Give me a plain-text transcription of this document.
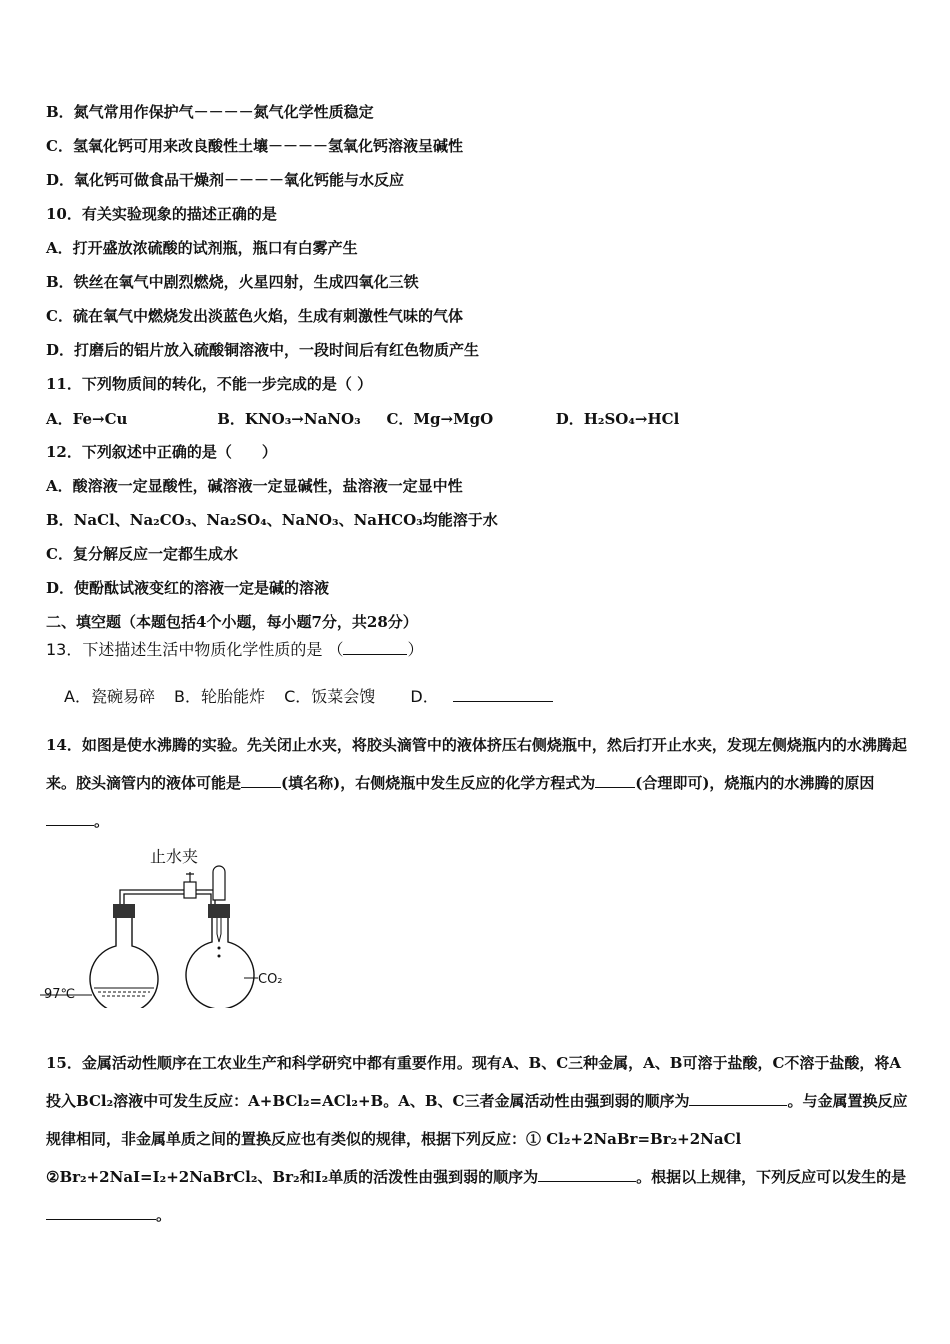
B．氮气常用作保护气－－－－氮气化学性质稳定
C．氢氧化钙可用来改良酸性土壤－－－－氢氧化钙溶液呈碱性
D．氧化钙可做食品干燥剂－－－－氧化钙能与水反应
10．有关实验现象的描述正确的是
A．打开盛放浓硫酸的试剂瓶，瓶口有白雾产生
B．铁丝在氧气中剧烈燃烧，火星四射，生成四氧化三铁
C．硫在氧气中燃烧发出淡蓝色火焰，生成有刺激性气味的气体
D．打磨后的铝片放入硫酸铜溶液中，一段时间后有红色物质产生
11．下列物质间的转化，不能一步完成的是（ ）
A．Fe→Cu	B．KNO₃→NaNO₃ C．Mg→MgO	D．H₂SO₄→HCl
12．下列叙述中正确的是（　　）
A．酸溶液一定显酸性，碱溶液一定显碱性，盐溶液一定显中性
B．NaCl、Na₂CO₃、Na₂SO₄、NaNO₃、NaHCO₃均能溶于水
C．复分解反应一定都生成水
D．使酚酞试液变红的溶液一定是碱的溶液
二、填空题（本题包括4个小题，每小题7分，共28分）
13．下述描述生活中物质化学性质的是 （	）
A．瓷碗易碎 B．轮胎能炸 C．饭菜会馊 D．
14．如图是使水沸腾的实验。先关闭止水夹，将胶头滴管中的液体挤压右侧烧瓶中，然后打开止水夹，发现左侧烧瓶内的水沸腾起来。胶头滴管内的液体可能是	(填名称)，右侧烧瓶中发生反应的化学方程式为	(合理即可)，烧瓶内的水沸腾的原因。
止水夹
97℃
CO₂
15．金属活动性顺序在工农业生产和科学研究中都有重要作用。现有A、B、C三种金属，A、B可溶于盐酸，C不溶于盐酸，将A投入BCl₂溶液中可发生反应：A+BCl₂=ACl₂+B。A、B、C三者金属活动性由强到弱的顺序为	。与金属置换反应规律相同，非金属单质之间的置换反应也有类似的规律，根据下列反应：① Cl₂+2NaBr=Br₂+2NaCl ②Br₂+2NaI=I₂+2NaBrCl₂、Br₂和I₂单质的活泼性由强到弱的顺序为	。根据以上规律，下列反应可以发生的是。
